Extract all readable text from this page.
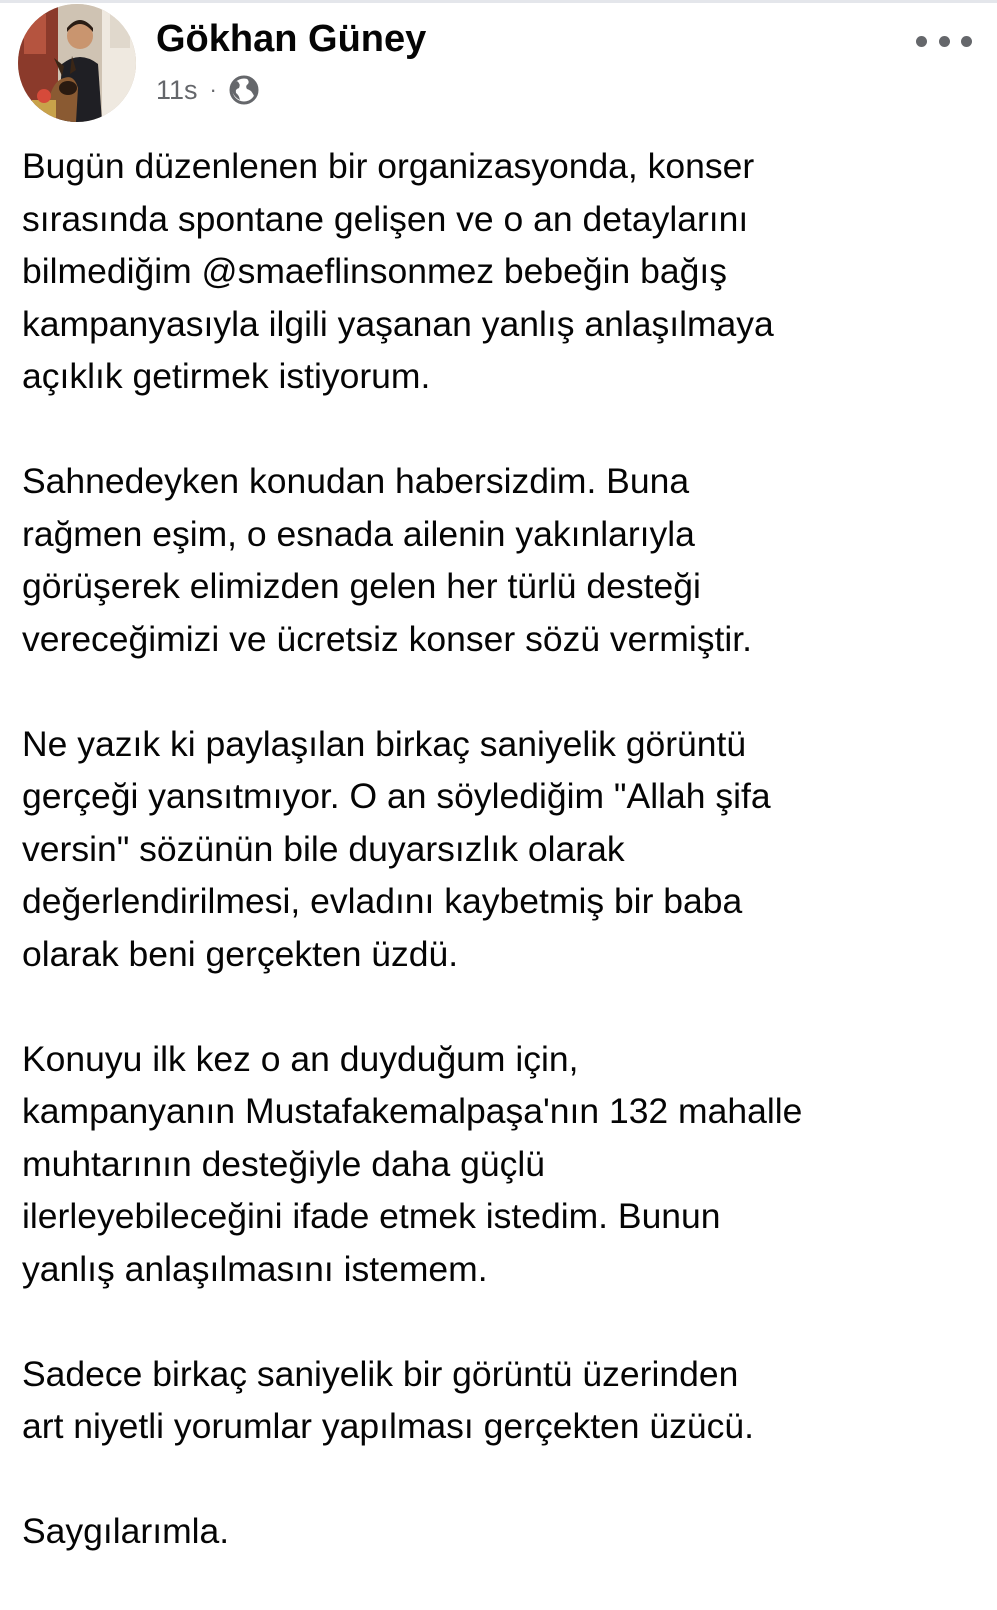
Gökhan Güney
11s ·

Bugün düzenlenen bir organizasyonda, konser
sırasında spontane gelişen ve o an detaylarını
bilmediğim @smaeflinsonmez bebeğin bağış
kampanyasıyla ilgili yaşanan yanlış anlaşılmaya
açıklık getirmek istiyorum.

Sahnedeyken konudan habersizdim. Buna
rağmen eşim, o esnada ailenin yakınlarıyla
görüşerek elimizden gelen her türlü desteği
vereceğimizi ve ücretsiz konser sözü vermiştir.

Ne yazık ki paylaşılan birkaç saniyelik görüntü
gerçeği yansıtmıyor. O an söylediğim "Allah şifa
versin" sözünün bile duyarsızlık olarak
değerlendirilmesi, evladını kaybetmiş bir baba
olarak beni gerçekten üzdü.

Konuyu ilk kez o an duyduğum için,
kampanyanın Mustafakemalpaşa'nın 132 mahalle
muhtarının desteğiyle daha güçlü
ilerleyebileceğini ifade etmek istedim. Bunun
yanlış anlaşılmasını istemem.

Sadece birkaç saniyelik bir görüntü üzerinden
art niyetli yorumlar yapılması gerçekten üzücü.

Saygılarımla.
